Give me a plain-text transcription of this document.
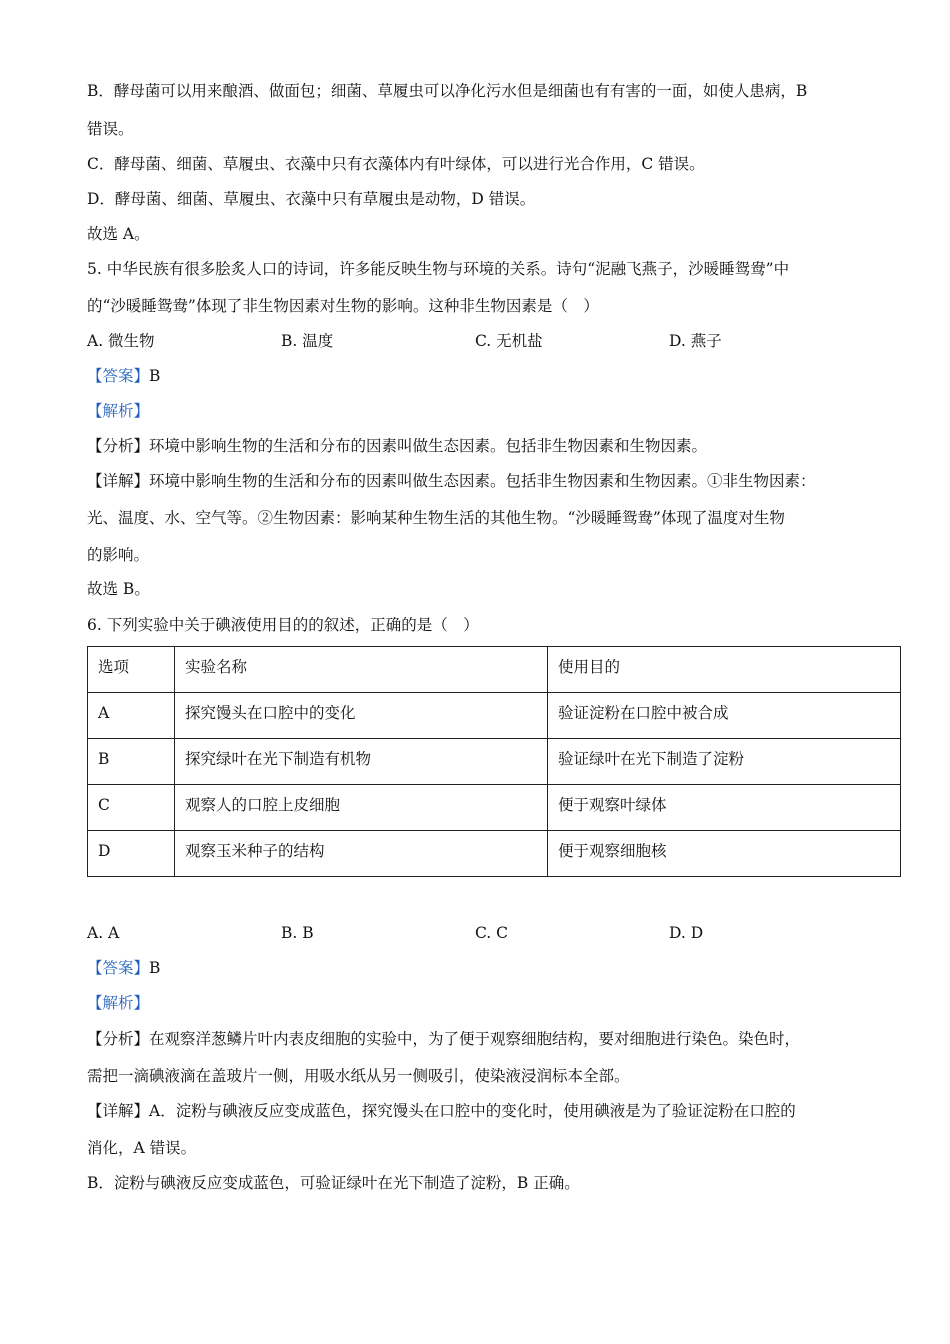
B．酵母菌可以用来酿酒、做面包；细菌、草履虫可以净化污水但是细菌也有有害的一面，如使人患病，B
错误。
C．酵母菌、细菌、草履虫、衣藻中只有衣藻体内有叶绿体，可以进行光合作用，C 错误。
D．酵母菌、细菌、草履虫、衣藻中只有草履虫是动物，D 错误。
故选 A。
5. 中华民族有很多脍炙人口的诗词，许多能反映生物与环境的关系。诗句“泥融飞燕子，沙暖睡鸳鸯”中
的“沙暖睡鸳鸯”体现了非生物因素对生物的影响。这种非生物因素是（　）
A. 微生物	B. 温度	C. 无机盐	D. 燕子
【答案】B
【解析】
【分析】环境中影响生物的生活和分布的因素叫做生态因素。包括非生物因素和生物因素。
【详解】环境中影响生物的生活和分布的因素叫做生态因素。包括非生物因素和生物因素。①非生物因素：
光、温度、水、空气等。②生物因素：影响某种生物生活的其他生物。“沙暖睡鸳鸯”体现了温度对生物
的影响。
故选 B。
6. 下列实验中关于碘液使用目的的叙述，正确的是（　）
选项	实验名称	使用目的
A	探究馒头在口腔中的变化	验证淀粉在口腔中被合成
B	探究绿叶在光下制造有机物	验证绿叶在光下制造了淀粉
C	观察人的口腔上皮细胞	便于观察叶绿体
D	观察玉米种子的结构	便于观察细胞核
A. A	B. B	C. C	D. D
【答案】B
【解析】
【分析】在观察洋葱鳞片叶内表皮细胞的实验中，为了便于观察细胞结构，要对细胞进行染色。染色时，
需把一滴碘液滴在盖玻片一侧，用吸水纸从另一侧吸引，使染液浸润标本全部。
【详解】A．淀粉与碘液反应变成蓝色，探究馒头在口腔中的变化时，使用碘液是为了验证淀粉在口腔的
消化，A 错误。
B．淀粉与碘液反应变成蓝色，可验证绿叶在光下制造了淀粉，B 正确。
